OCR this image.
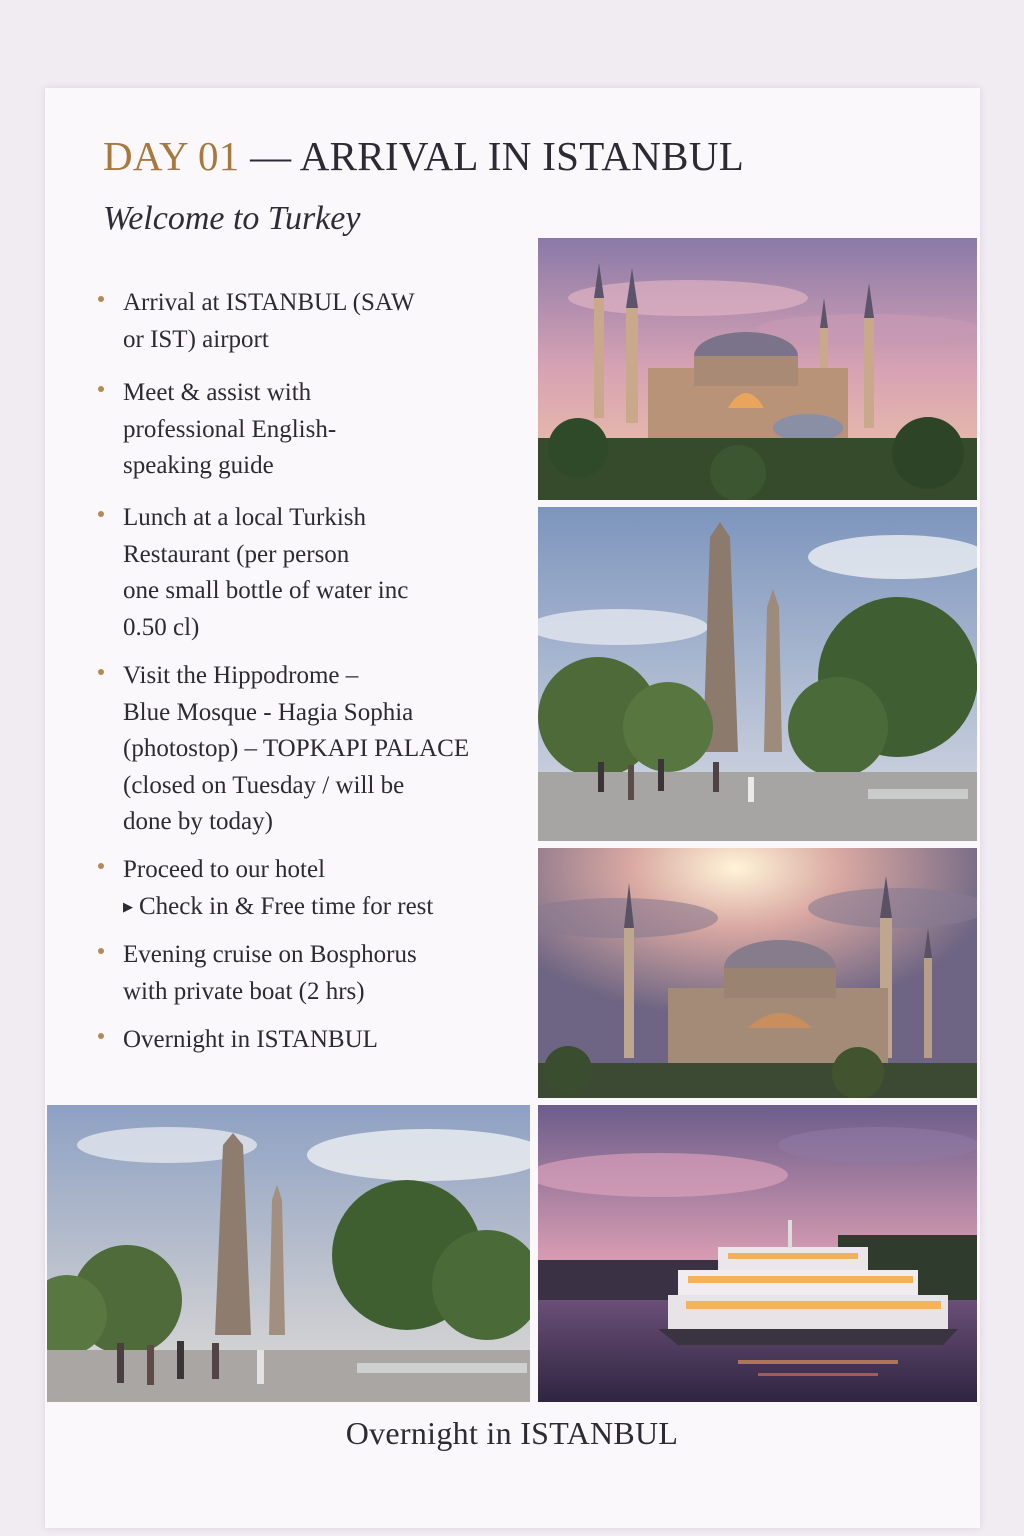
DAY 01 — ARRIVAL IN ISTANBUL
Welcome to Turkey
Arrival at ISTANBUL (SAW
or IST) airport
Meet & assist with
professional English-
speaking guide
Lunch at a local Turkish
Restaurant (per person
one small bottle of water inc
0.50 cl)
Visit the Hippodrome –
Blue Mosque - Hagia Sophia
(photostop) – TOPKAPI PALACE
(closed on Tuesday / will be
done by today)
Proceed to our hotel
▶ Check in & Free time for rest
Evening cruise on Bosphorus
with private boat (2 hrs)
Overnight in ISTANBUL
Overnight in ISTANBUL
